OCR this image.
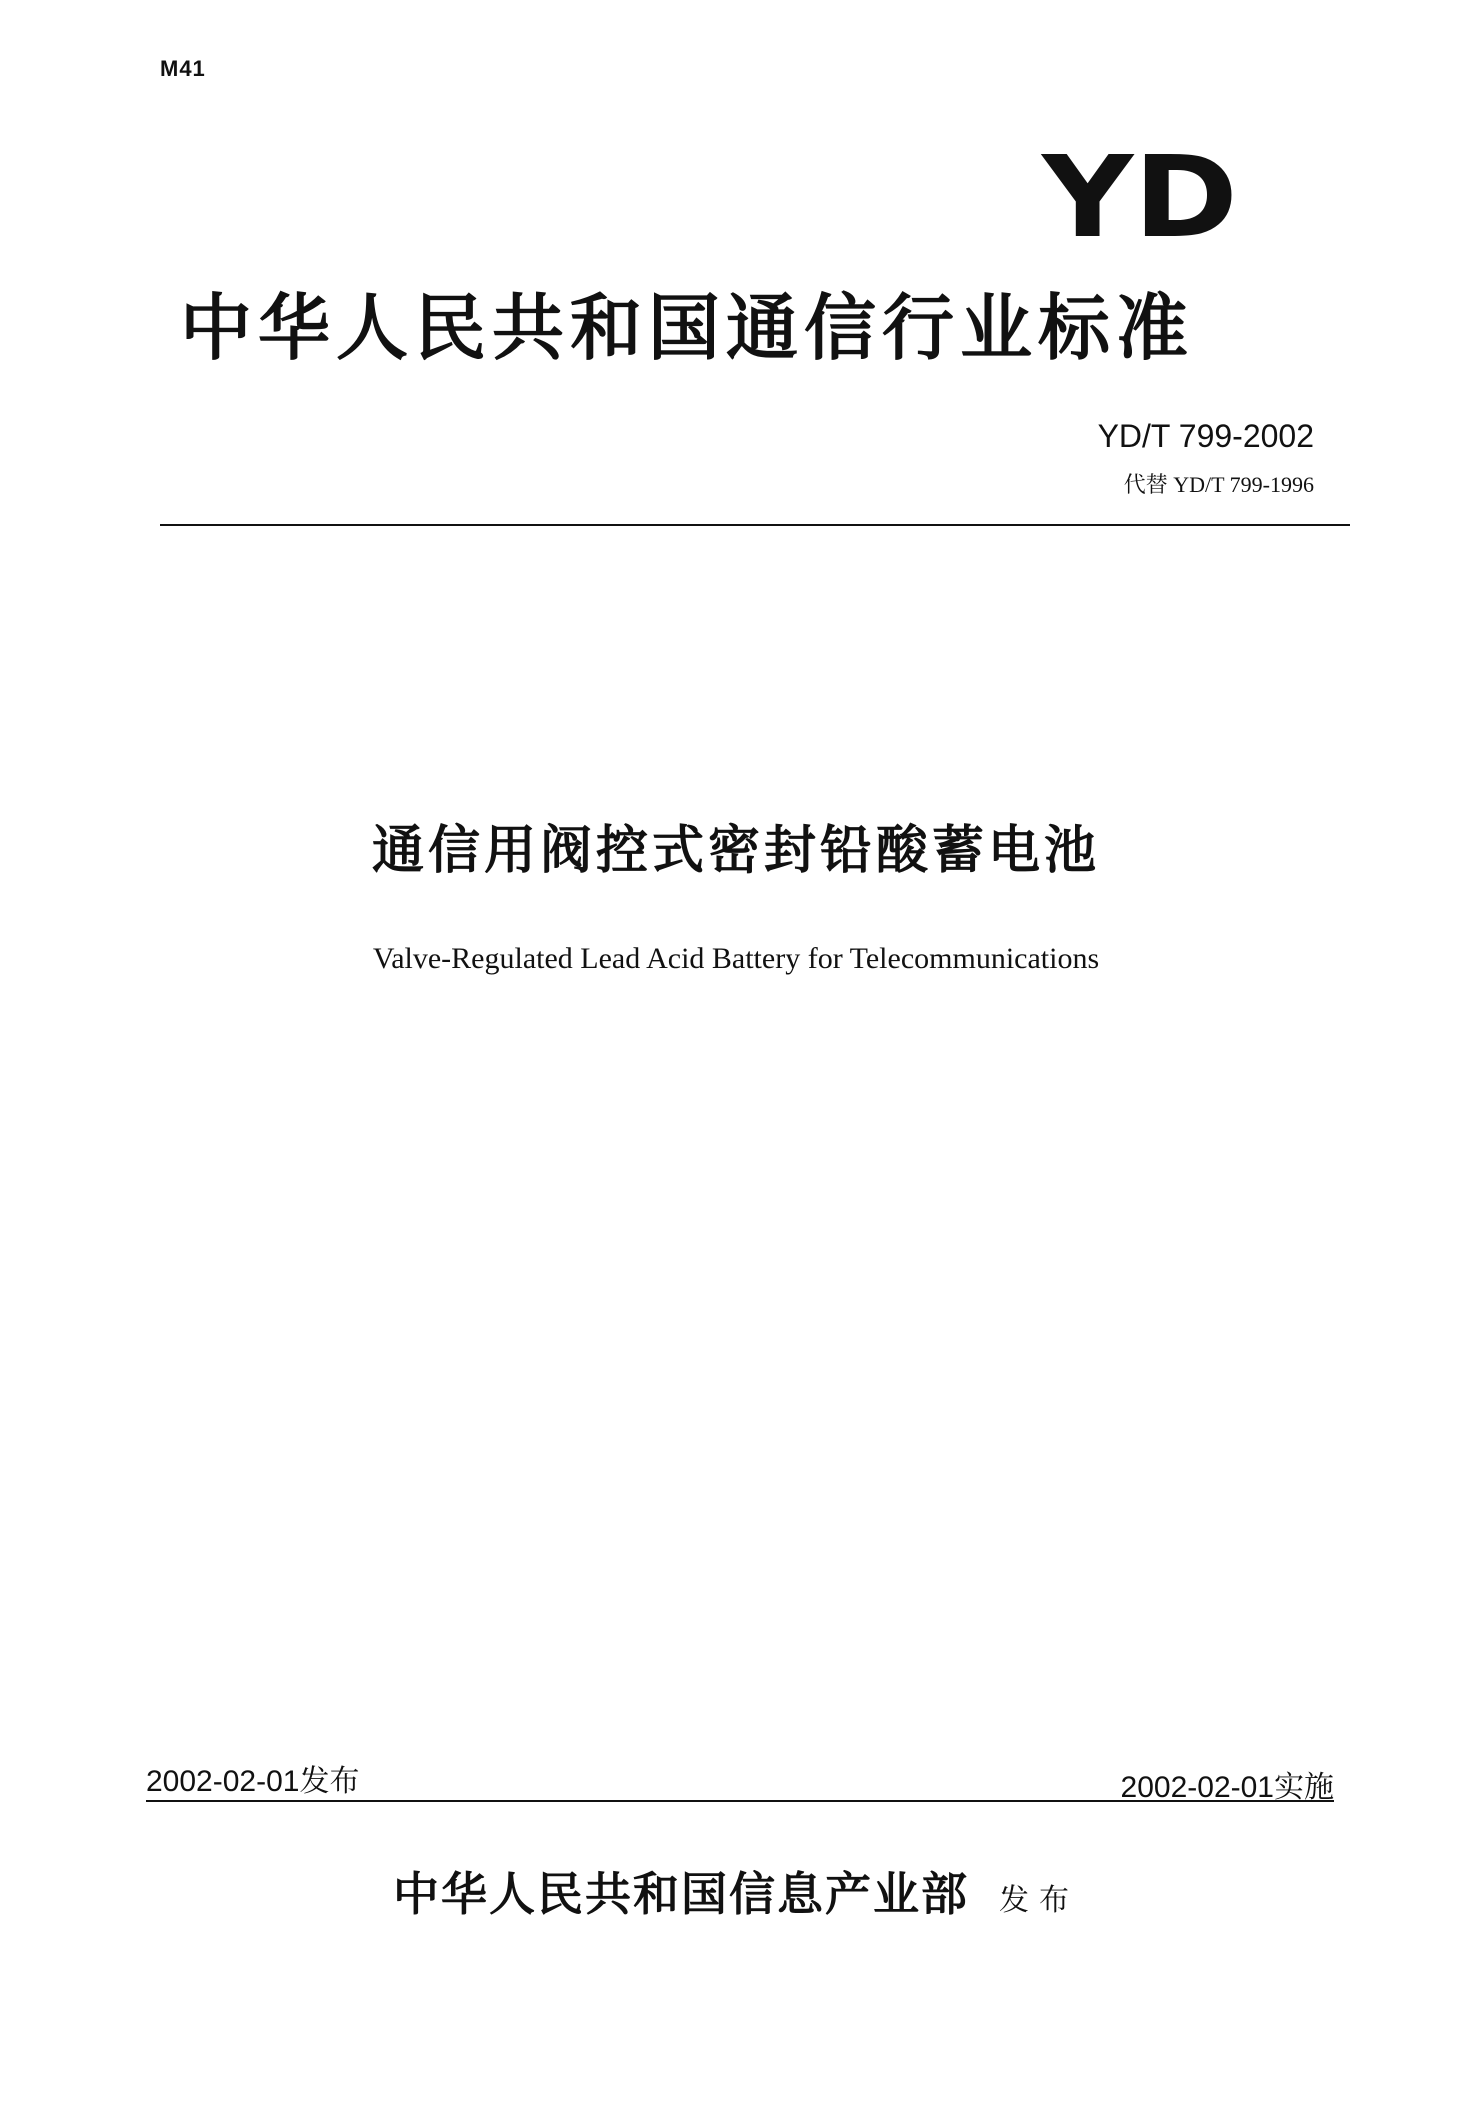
M41
YD
中华人民共和国通信行业标准
YD/T 799-2002
代替 YD/T 799-1996
通信用阀控式密封铅酸蓄电池
Valve-Regulated Lead Acid Battery for Telecommunications
2002-02-01发布	2002-02-01实施
中华人民共和国信息产业部 发布
